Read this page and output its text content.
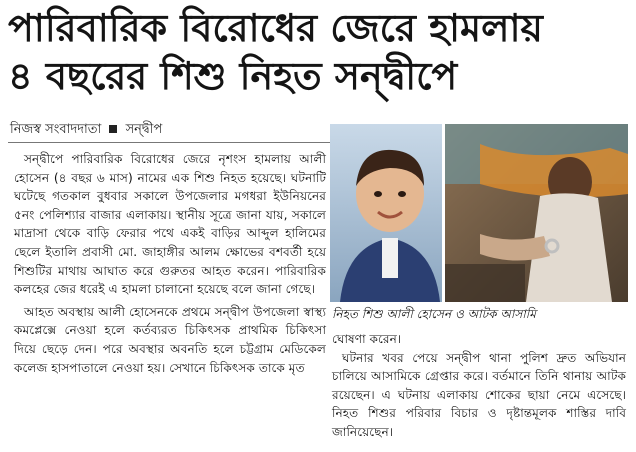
পারিবারিক বিরোধের জেরে হামলায়
৪ বছরের শিশু নিহত সন্দ্বীপে
নিজস্ব সংবাদদাতা সন্দ্বীপ

সন্দ্বীপে পারিবারিক বিরোধের জেরে নৃশংস হামলায় আলী হোসেন (৪ বছর ৬ মাস) নামের এক শিশু নিহত হয়েছে। ঘটনাটি ঘটেছে গতকাল বুধবার সকালে উপজেলার মগধরা ইউনিয়নের ৫নং পেলিশ্যার বাজার এলাকায়। স্থানীয় সূত্রে জানা যায়, সকালে মাদ্রাসা থেকে বাড়ি ফেরার পথে একই বাড়ির আব্দুল হালিমের ছেলে ইতালি প্রবাসী মো. জাহাঙ্গীর আলম ক্ষোভের বশবর্তী হয়ে শিশুটির মাথায় আঘাত করে গুরুতর আহত করেন। পারিবারিক কলহের জের ধরেই এ হামলা চালানো হয়েছে বলে জানা গেছে।

আহত অবস্থায় আলী হোসেনকে প্রথমে সন্দ্বীপ উপজেলা স্বাস্থ্য কমপ্লেক্সে নেওয়া হলে কর্তব্যরত চিকিৎসক প্রাথমিক চিকিৎসা দিয়ে ছেড়ে দেন। পরে অবস্থার অবনতি হলে চট্টগ্রাম মেডিকেল কলেজ হাসপাতালে নেওয়া হয়। সেখানে চিকিৎসক তাকে মৃত

নিহত শিশু আলী হোসেন ও আটক আসামি

ঘোষণা করেন।

ঘটনার খবর পেয়ে সন্দ্বীপ থানা পুলিশ দ্রুত অভিযান চালিয়ে আসামিকে গ্রেপ্তার করে। বর্তমানে তিনি থানায় আটক রয়েছেন। এ ঘটনায় এলাকায় শোকের ছায়া নেমে এসেছে। নিহত শিশুর পরিবার বিচার ও দৃষ্টান্তমূলক শাস্তির দাবি জানিয়েছেন।
